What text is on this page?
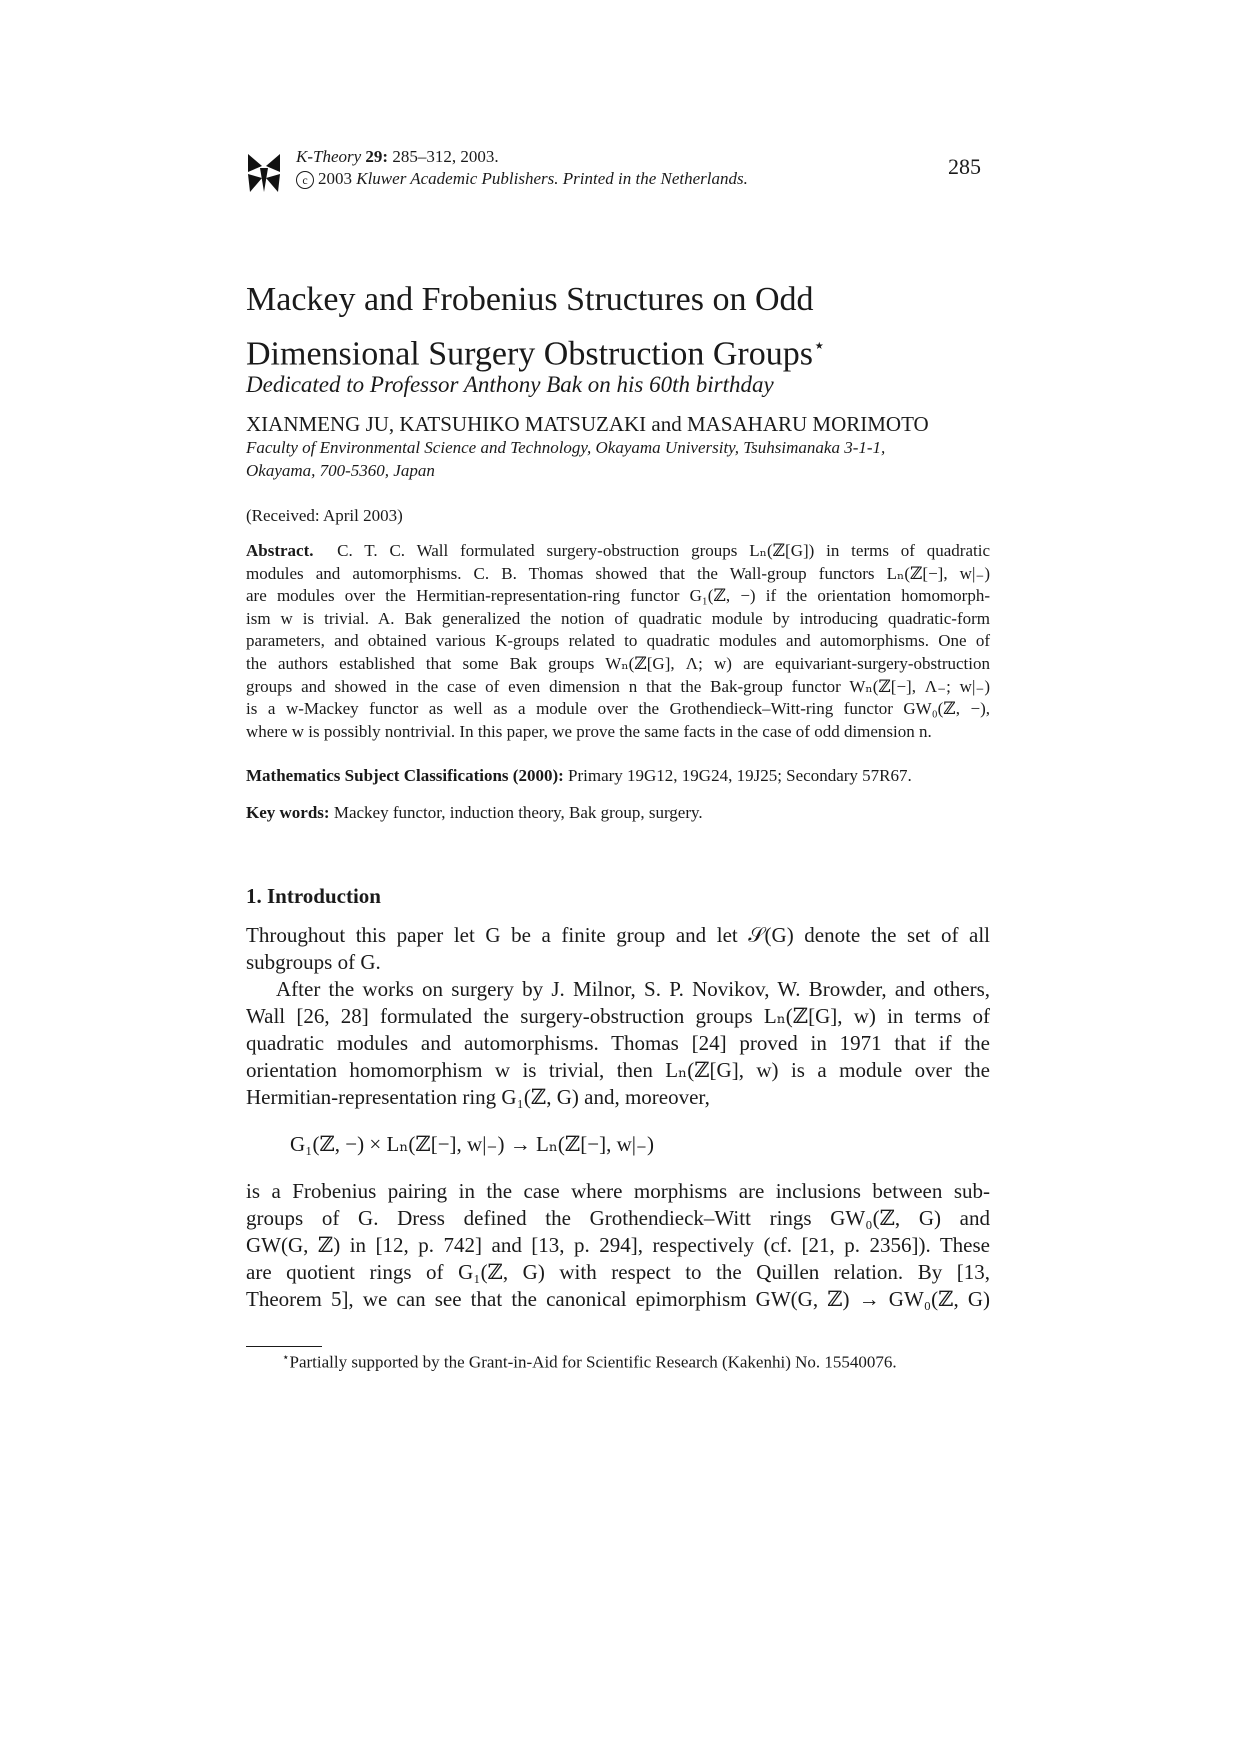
K-Theory 29: 285–312, 2003.
c 2003 Kluwer Academic Publishers. Printed in the Netherlands.	285
Mackey and Frobenius Structures on Odd
Dimensional Surgery Obstruction Groups⋆
Dedicated to Professor Anthony Bak on his 60th birthday
XIANMENG JU, KATSUHIKO MATSUZAKI and MASAHARU MORIMOTO
Faculty of Environmental Science and Technology, Okayama University, Tsuhsimanaka 3-1-1,
Okayama, 700-5360, Japan
(Received: April 2003)
Abstract. C. T. C. Wall formulated surgery-obstruction groups Lₙ(ℤ[G]) in terms of quadratic
modules and automorphisms. C. B. Thomas showed that the Wall-group functors Lₙ(ℤ[−], w|₋)
are modules over the Hermitian-representation-ring functor G₁(ℤ, −) if the orientation homomorph-
ism w is trivial. A. Bak generalized the notion of quadratic module by introducing quadratic-form
parameters, and obtained various K-groups related to quadratic modules and automorphisms. One of
the authors established that some Bak groups Wₙ(ℤ[G], Λ; w) are equivariant-surgery-obstruction
groups and showed in the case of even dimension n that the Bak-group functor Wₙ(ℤ[−], Λ₋; w|₋)
is a w-Mackey functor as well as a module over the Grothendieck–Witt-ring functor GW₀(ℤ, −),
where w is possibly nontrivial. In this paper, we prove the same facts in the case of odd dimension n.
Mathematics Subject Classifications (2000): Primary 19G12, 19G24, 19J25; Secondary 57R67.
Key words: Mackey functor, induction theory, Bak group, surgery.
1. Introduction
Throughout this paper let G be a finite group and let 𝒮(G) denote the set of all
subgroups of G.
After the works on surgery by J. Milnor, S. P. Novikov, W. Browder, and others,
Wall [26, 28] formulated the surgery-obstruction groups Lₙ(ℤ[G], w) in terms of
quadratic modules and automorphisms. Thomas [24] proved in 1971 that if the
orientation homomorphism w is trivial, then Lₙ(ℤ[G], w) is a module over the
Hermitian-representation ring G₁(ℤ, G) and, moreover,
G₁(ℤ, −) × Lₙ(ℤ[−], w|₋) → Lₙ(ℤ[−], w|₋)
is a Frobenius pairing in the case where morphisms are inclusions between sub-
groups of G. Dress defined the Grothendieck–Witt rings GW₀(ℤ, G) and
GW(G, ℤ) in [12, p. 742] and [13, p. 294], respectively (cf. [21, p. 2356]). These
are quotient rings of G₁(ℤ, G) with respect to the Quillen relation. By [13,
Theorem 5], we can see that the canonical epimorphism GW(G, ℤ) → GW₀(ℤ, G)
⋆Partially supported by the Grant-in-Aid for Scientific Research (Kakenhi) No. 15540076.
